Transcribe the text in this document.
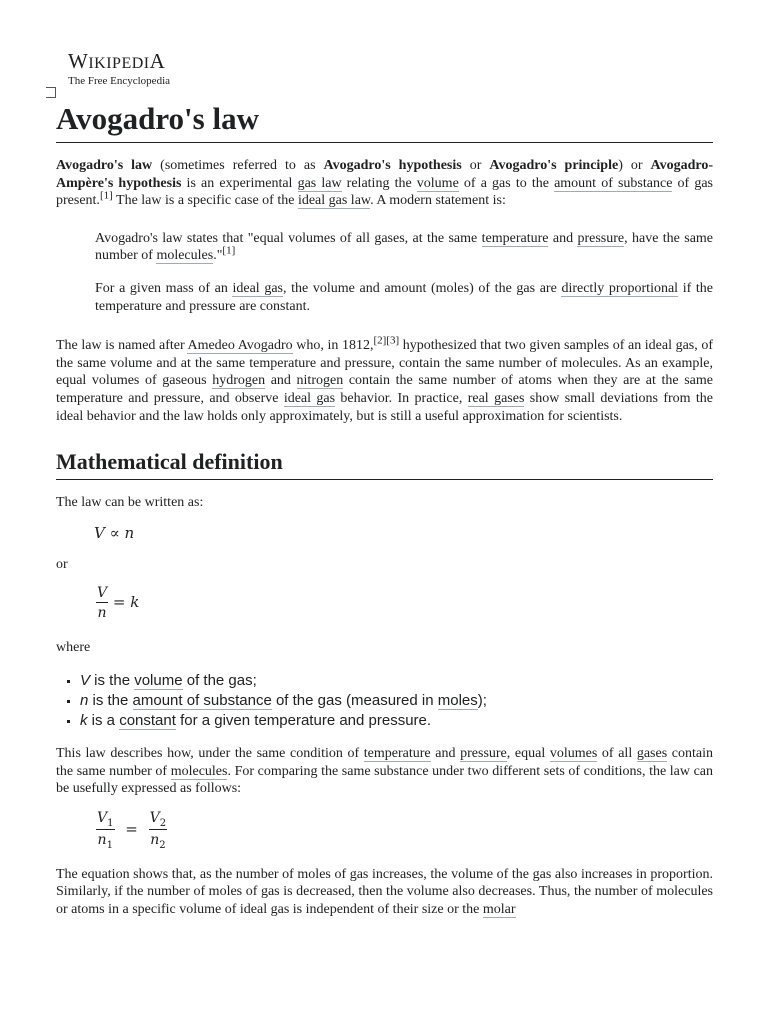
WIKIPEDIA
The Free Encyclopedia
Avogadro's law

Avogadro's law (sometimes referred to as Avogadro's hypothesis or Avogadro's principle) or Avogadro-Ampère's hypothesis is an experimental gas law relating the volume of a gas to the amount of substance of gas present.[1] The law is a specific case of the ideal gas law. A modern statement is:

Avogadro's law states that "equal volumes of all gases, at the same temperature and pressure, have the same number of molecules."[1]

For a given mass of an ideal gas, the volume and amount (moles) of the gas are directly proportional if the temperature and pressure are constant.

The law is named after Amedeo Avogadro who, in 1812,[2][3] hypothesized that two given samples of an ideal gas, of the same volume and at the same temperature and pressure, contain the same number of molecules. As an example, equal volumes of gaseous hydrogen and nitrogen contain the same number of atoms when they are at the same temperature and pressure, and observe ideal gas behavior. In practice, real gases show small deviations from the ideal behavior and the law holds only approximately, but is still a useful approximation for scientists.

Mathematical definition

The law can be written as:

V ∝ n

or

$\frac{V}{n} = k$

where

▪ V is the volume of the gas;
▪ n is the amount of substance of the gas (measured in moles);
▪ k is a constant for a given temperature and pressure.

This law describes how, under the same condition of temperature and pressure, equal volumes of all gases contain the same number of molecules. For comparing the same substance under two different sets of conditions, the law can be usefully expressed as follows:

$\frac{V_1}{n_1} = \frac{V_2}{n_2}$

The equation shows that, as the number of moles of gas increases, the volume of the gas also increases in proportion. Similarly, if the number of moles of gas is decreased, then the volume also decreases. Thus, the number of molecules or atoms in a specific volume of ideal gas is independent of their size or the molar
